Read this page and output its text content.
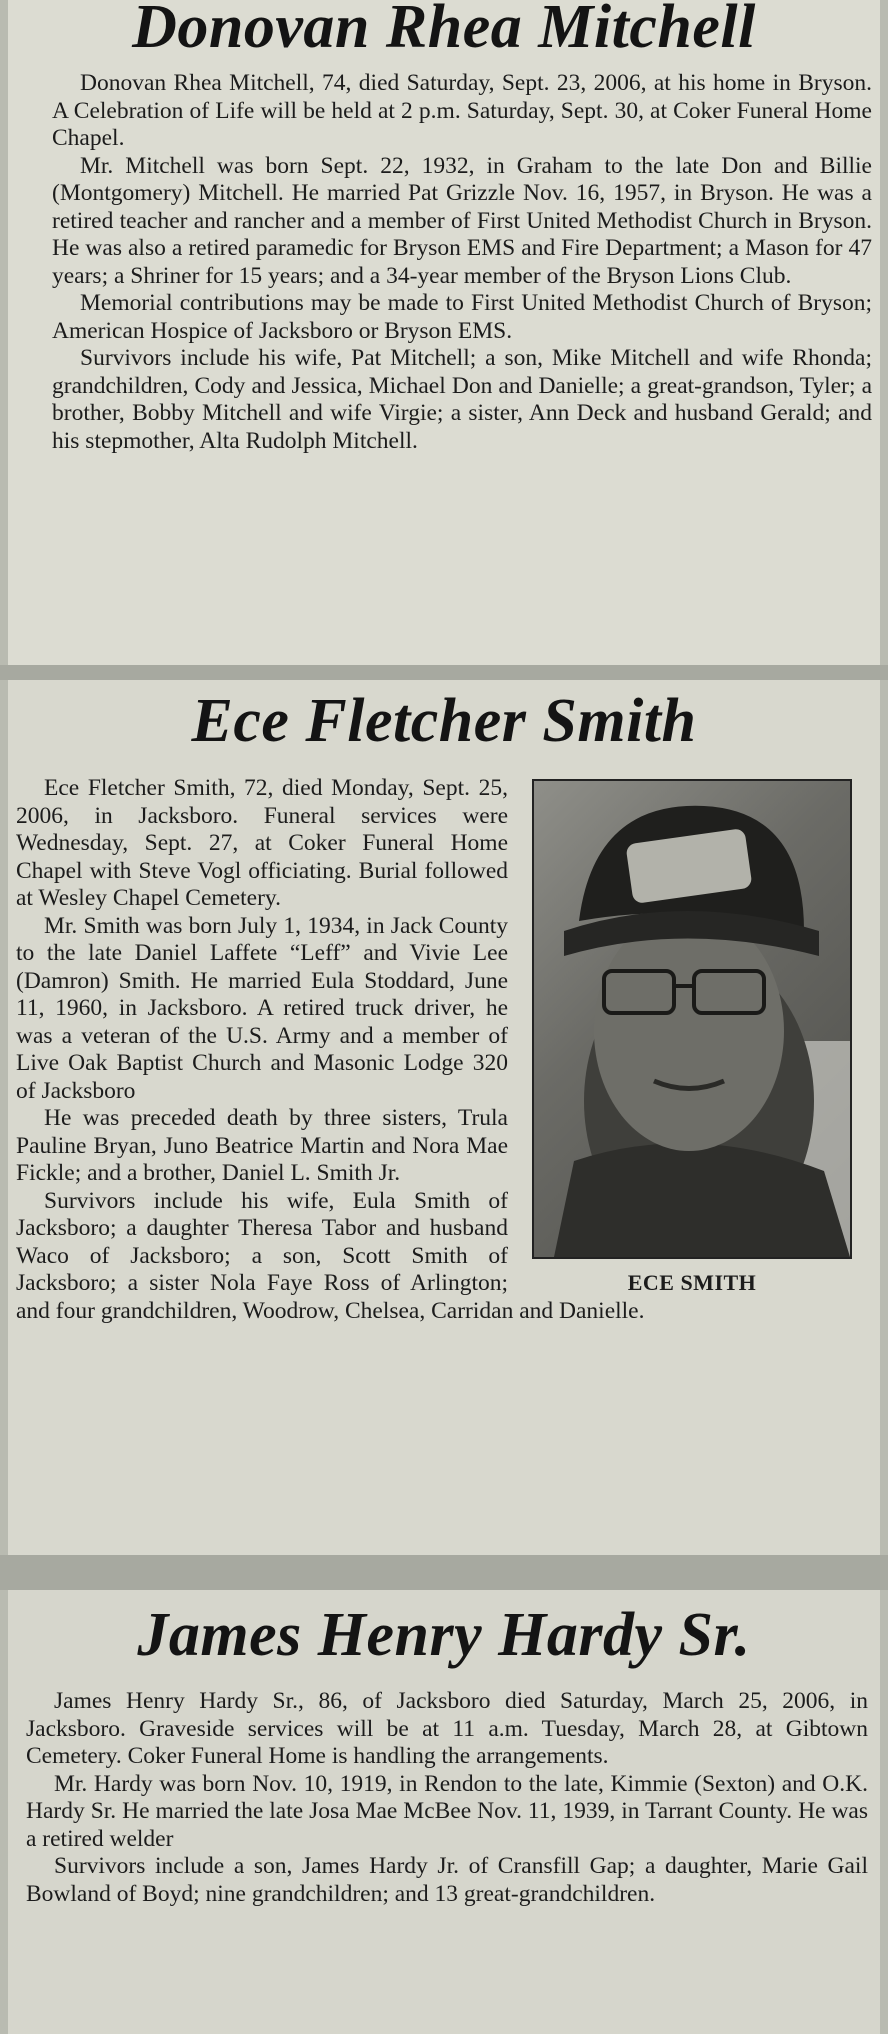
Donovan Rhea Mitchell

Donovan Rhea Mitchell, 74, died Saturday, Sept. 23, 2006, at his home in Bryson. A Celebration of Life will be held at 2 p.m. Saturday, Sept. 30, at Coker Funeral Home Chapel.

Mr. Mitchell was born Sept. 22, 1932, in Graham to the late Don and Billie (Montgomery) Mitchell. He married Pat Grizzle Nov. 16, 1957, in Bryson. He was a retired teacher and rancher and a member of First United Methodist Church in Bryson. He was also a retired paramedic for Bryson EMS and Fire Department; a Mason for 47 years; a Shriner for 15 years; and a 34-year member of the Bryson Lions Club.

Memorial contributions may be made to First United Methodist Church of Bryson; American Hospice of Jacksboro or Bryson EMS.

Survivors include his wife, Pat Mitchell; a son, Mike Mitchell and wife Rhonda; grandchildren, Cody and Jessica, Michael Don and Danielle; a great-grandson, Tyler; a brother, Bobby Mitchell and wife Virgie; a sister, Ann Deck and husband Gerald; and his stepmother, Alta Rudolph Mitchell.

Ece Fletcher Smith
ECE SMITH

Ece Fletcher Smith, 72, died Monday, Sept. 25, 2006, in Jacksboro. Funeral services were Wednesday, Sept. 27, at Coker Funeral Home Chapel with Steve Vogl officiating. Burial followed at Wesley Chapel Cemetery.

Mr. Smith was born July 1, 1934, in Jack County to the late Daniel Laffete “Leff” and Vivie Lee (Damron) Smith. He married Eula Stoddard, June 11, 1960, in Jacksboro. A retired truck driver, he was a veteran of the U.S. Army and a member of Live Oak Baptist Church and Masonic Lodge 320 of Jacksboro

He was preceded death by three sisters, Trula Pauline Bryan, Juno Beatrice Martin and Nora Mae Fickle; and a brother, Daniel L. Smith Jr.

Survivors include his wife, Eula Smith of Jacksboro; a daughter Theresa Tabor and husband Waco of Jacksboro; a son, Scott Smith of Jacksboro; a sister Nola Faye Ross of Arlington; and four grandchildren, Woodrow, Chelsea, Carridan and Danielle.

James Henry Hardy Sr.

James Henry Hardy Sr., 86, of Jacksboro died Saturday, March 25, 2006, in Jacksboro. Graveside services will be at 11 a.m. Tuesday, March 28, at Gibtown Cemetery. Coker Funeral Home is handling the arrangements.

Mr. Hardy was born Nov. 10, 1919, in Rendon to the late, Kimmie (Sexton) and O.K. Hardy Sr. He married the late Josa Mae McBee Nov. 11, 1939, in Tarrant County. He was a retired welder

Survivors include a son, James Hardy Jr. of Cransfill Gap; a daughter, Marie Gail Bowland of Boyd; nine grandchildren; and 13 great-grandchildren.
